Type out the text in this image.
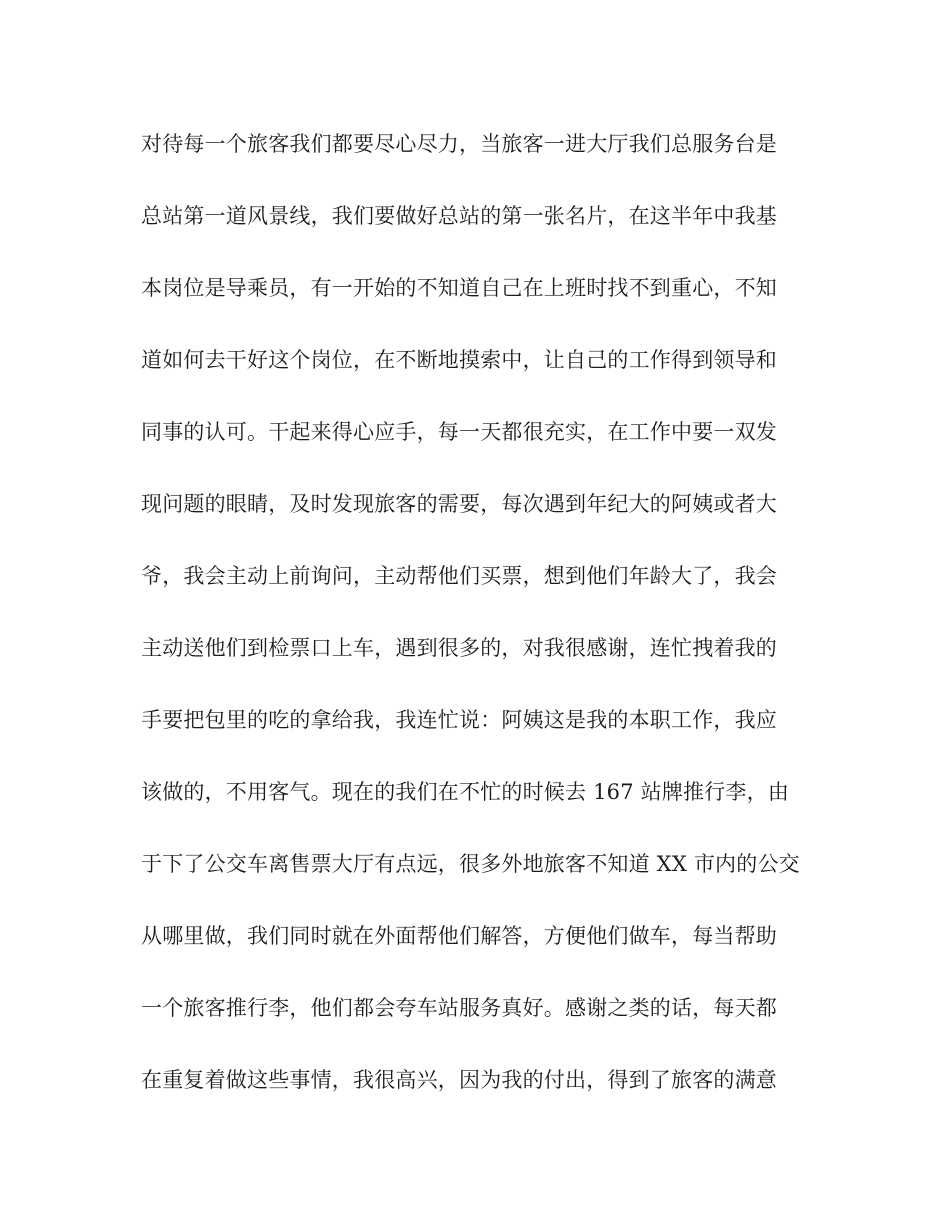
对待每一个旅客我们都要尽心尽力，当旅客一进大厅我们总服务台是
总站第一道风景线，我们要做好总站的第一张名片，在这半年中我基
本岗位是导乘员，有一开始的不知道自己在上班时找不到重心，不知
道如何去干好这个岗位，在不断地摸索中，让自己的工作得到领导和
同事的认可。干起来得心应手，每一天都很充实，在工作中要一双发
现问题的眼睛，及时发现旅客的需要，每次遇到年纪大的阿姨或者大
爷，我会主动上前询问，主动帮他们买票，想到他们年龄大了，我会
主动送他们到检票口上车，遇到很多的，对我很感谢，连忙拽着我的
手要把包里的吃的拿给我，我连忙说：阿姨这是我的本职工作，我应
该做的，不用客气。现在的我们在不忙的时候去 167 站牌推行李，由
于下了公交车离售票大厅有点远，很多外地旅客不知道 XX 市内的公交
从哪里做，我们同时就在外面帮他们解答，方便他们做车，每当帮助
一个旅客推行李，他们都会夸车站服务真好。感谢之类的话，每天都
在重复着做这些事情，我很高兴，因为我的付出，得到了旅客的满意
